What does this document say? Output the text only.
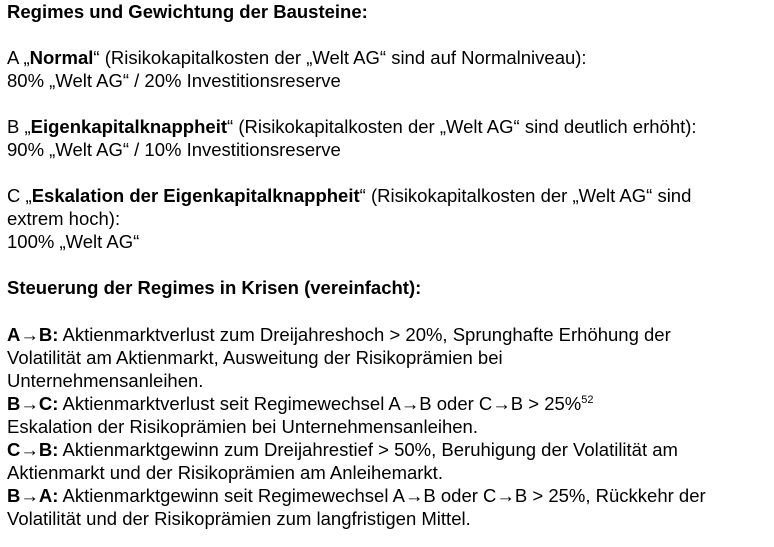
Regimes und Gewichtung der Bausteine:
A „Normal“ (Risikokapitalkosten der „Welt AG“ sind auf Normalniveau):
80% „Welt AG“ / 20% Investitionsreserve
B „Eigenkapitalknappheit“ (Risikokapitalkosten der „Welt AG“ sind deutlich erhöht):
90% „Welt AG“ / 10% Investitionsreserve
C „Eskalation der Eigenkapitalknappheit“ (Risikokapitalkosten der „Welt AG“ sind
extrem hoch):
100% „Welt AG“
Steuerung der Regimes in Krisen (vereinfacht):
A→B: Aktienmarktverlust zum Dreijahreshoch > 20%, Sprunghafte Erhöhung der
Volatilität am Aktienmarkt, Ausweitung der Risikoprämien bei
Unternehmensanleihen.
B→C: Aktienmarktverlust seit Regimewechsel A→B oder C→B > 25%$^{52}$
Eskalation der Risikoprämien bei Unternehmensanleihen.
C→B: Aktienmarktgewinn zum Dreijahrestief > 50%, Beruhigung der Volatilität am
Aktienmarkt und der Risikoprämien am Anleihemarkt.
B→A: Aktienmarktgewinn seit Regimewechsel A→B oder C→B > 25%, Rückkehr der
Volatilität und der Risikoprämien zum langfristigen Mittel.
